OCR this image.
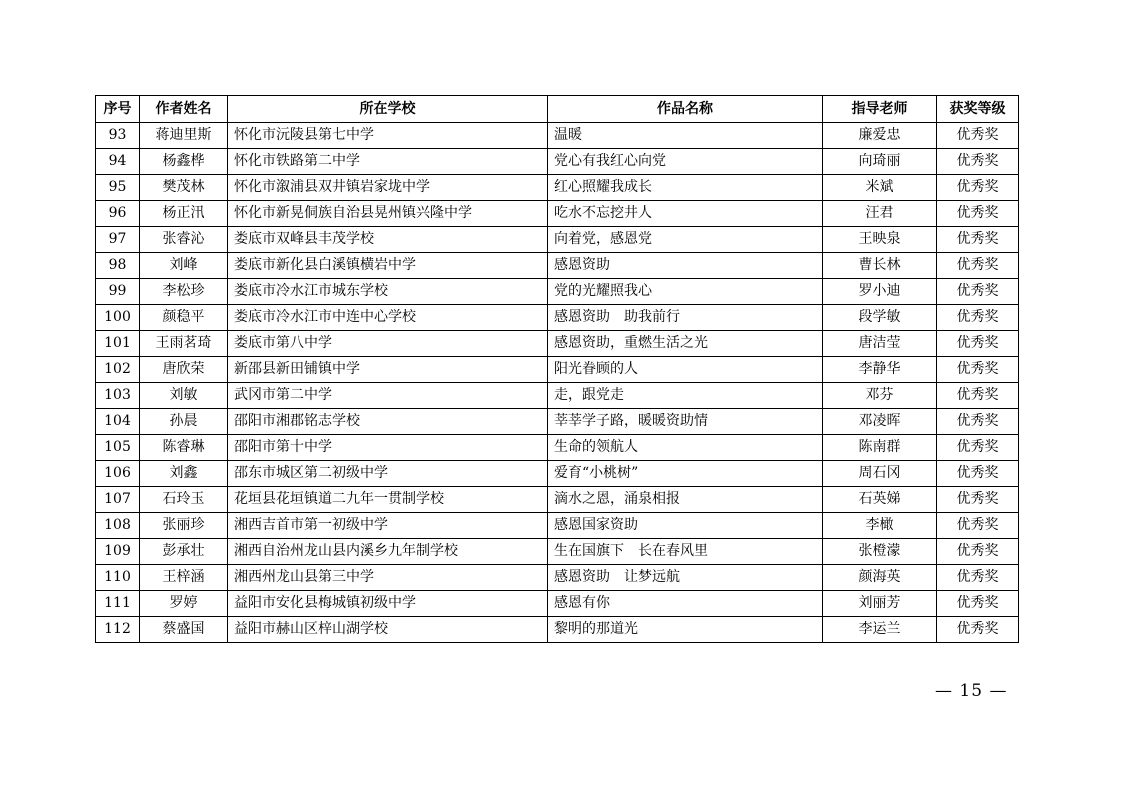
序号	作者姓名	所在学校	作品名称	指导老师	获奖等级
93	蒋迪里斯	怀化市沅陵县第七中学	温暖	廉爱忠	优秀奖
94	杨鑫桦	怀化市铁路第二中学	党心有我红心向党	向琦丽	优秀奖
95	樊茂林	怀化市溆浦县双井镇岩家垅中学	红心照耀我成长	米斌	优秀奖
96	杨正汛	怀化市新晃侗族自治县晃州镇兴隆中学	吃水不忘挖井人	汪君	优秀奖
97	张睿沁	娄底市双峰县丰茂学校	向着党，感恩党	王映泉	优秀奖
98	刘峰	娄底市新化县白溪镇横岩中学	感恩资助	曹长林	优秀奖
99	李松珍	娄底市冷水江市城东学校	党的光耀照我心	罗小迪	优秀奖
100	颜稳平	娄底市冷水江市中连中心学校	感恩资助　助我前行	段学敏	优秀奖
101	王雨茗琦	娄底市第八中学	感恩资助，重燃生活之光	唐洁莹	优秀奖
102	唐欣荣	新邵县新田铺镇中学	阳光眷顾的人	李静华	优秀奖
103	刘敏	武冈市第二中学	走，跟党走	邓芬	优秀奖
104	孙晨	邵阳市湘郡铭志学校	莘莘学子路，暖暖资助情	邓凌晖	优秀奖
105	陈睿琳	邵阳市第十中学	生命的领航人	陈南群	优秀奖
106	刘鑫	邵东市城区第二初级中学	爱育“小桃树”	周石冈	优秀奖
107	石玲玉	花垣县花垣镇道二九年一贯制学校	滴水之恩，涌泉相报	石英娣	优秀奖
108	张丽珍	湘西吉首市第一初级中学	感恩国家资助	李橄	优秀奖
109	彭承壮	湘西自治州龙山县内溪乡九年制学校	生在国旗下　长在春风里	张橙濛	优秀奖
110	王梓涵	湘西州龙山县第三中学	感恩资助　让梦远航	颜海英	优秀奖
111	罗婷	益阳市安化县梅城镇初级中学	感恩有你	刘丽芳	优秀奖
112	蔡盛国	益阳市赫山区梓山湖学校	黎明的那道光	李运兰	优秀奖
— 15 —
